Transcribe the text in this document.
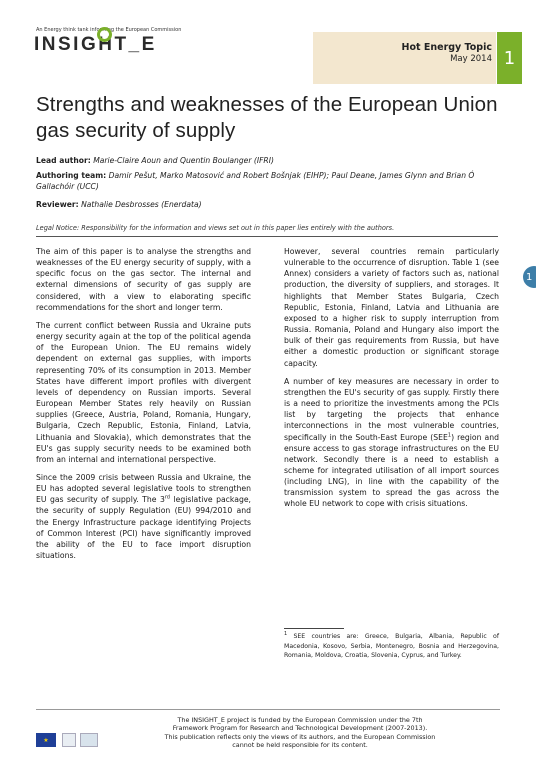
An Energy think tank informing the European Commission
INSIGHT_E	Hot Energy Topic
May 2014 1
Strengths and weaknesses of the European Union gas security of supply
Lead author: Marie-Claire Aoun and Quentin Boulanger (IFRI)
Authoring team: Damir Pešut, Marko Matosović and Robert Bošnjak (EIHP); Paul Deane, James Glynn and Brian Ó Gallachóir (UCC)
Reviewer: Nathalie Desbrosses (Enerdata)
Legal Notice: Responsibility for the information and views set out in this paper lies entirely with the authors.

The aim of this paper is to analyse the strengths and weaknesses of the EU energy security of supply, with a specific focus on the gas sector. The internal and external dimensions of security of gas supply are considered, with a view to elaborating specific recommendations for the short and longer term.

The current conflict between Russia and Ukraine puts energy security again at the top of the political agenda of the European Union. The EU remains widely dependent on external gas supplies, with imports representing 70% of its consumption in 2013. Member States have different import profiles with divergent levels of dependency on Russian imports. Several European Member States rely heavily on Russian supplies (Greece, Austria, Poland, Romania, Hungary, Bulgaria, Czech Republic, Estonia, Finland, Latvia, Lithuania and Slovakia), which demonstrates that the EU's gas supply security needs to be examined both from an internal and international perspective.

Since the 2009 crisis between Russia and Ukraine, the EU has adopted several legislative tools to strengthen EU gas security of supply. The 3rd legislative package, the security of supply Regulation (EU) 994/2010 and the Energy Infrastructure package identifying Projects of Common Interest (PCI) have significantly improved the ability of the EU to face import disruption situations.

However, several countries remain particularly vulnerable to the occurrence of disruption. Table 1 (see Annex) considers a variety of factors such as, national production, the diversity of suppliers, and storages. It highlights that Member States Bulgaria, Czech Republic, Estonia, Finland, Latvia and Lithuania are exposed to a higher risk to supply interruption from Russia. Romania, Poland and Hungary also import the bulk of their gas requirements from Russia, but have either a domestic production or significant storage capacity.

A number of key measures are necessary in order to strengthen the EU's security of gas supply. Firstly there is a need to prioritize the investments among the PCIs list by targeting the projects that enhance interconnections in the most vulnerable countries, specifically in the South-East Europe (SEE$^1$) region and ensure access to gas storage infrastructures on the EU network. Secondly there is a need to establish a scheme for integrated utilisation of all import sources (including LNG), in line with the capability of the transmission system to spread the gas across the whole EU network to cope with crisis situations.

1
$^1$ SEE countries are: Greece, Bulgaria, Albania, Republic of Macedonia, Kosovo, Serbia, Montenegro, Bosnia and Herzegovina, Romania, Moldova, Croatia, Slovenia, Cyprus, and Turkey.
★
The INSIGHT_E project is funded by the European Commission under the 7th
Framework Program for Research and Technological Development (2007-2013).
This publication reflects only the views of its authors, and the European Commission
cannot be held responsible for its content.
